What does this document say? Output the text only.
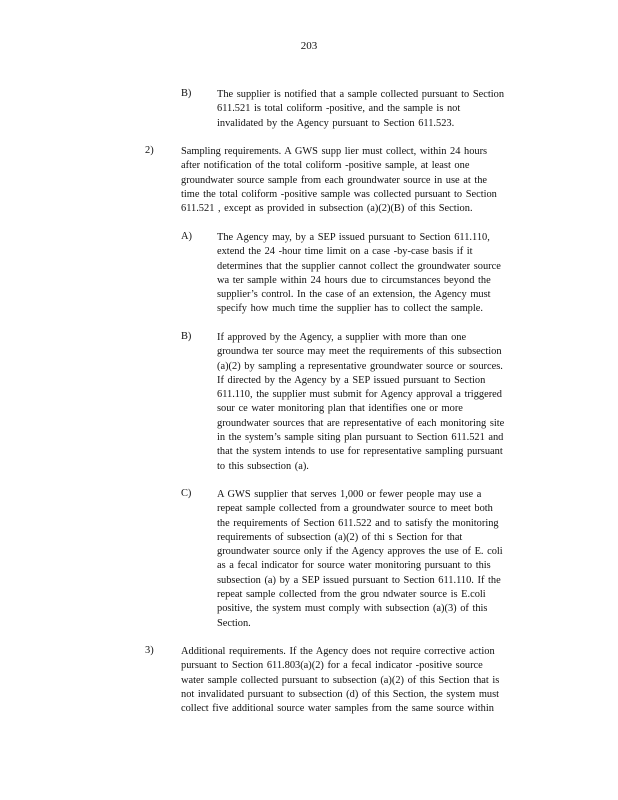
203
B) The supplier is notified that a sample collected pursuant to Section
611.521 is total coliform -positive, and the sample is not
invalidated by the Agency pursuant to Section 611.523.
2)	Sampling requirements. A GWS supp lier must collect, within 24 hours
after notification of the total coliform -positive sample, at least one
groundwater source sample from each groundwater source in use at the
time the total coliform -positive sample was collected pursuant to Section
611.521 , except as provided in subsection (a)(2)(B) of this Section.
A) The Agency may, by a SEP issued pursuant to Section 611.110,
extend the 24 -hour time limit on a case -by-case basis if it
determines that the supplier cannot collect the groundwater source
wa ter sample within 24 hours due to circumstances beyond the
supplier’s control. In the case of an extension, the Agency must
specify how much time the supplier has to collect the sample.
B) If approved by the Agency, a supplier with more than one
groundwa ter source may meet the requirements of this subsection
(a)(2) by sampling a representative groundwater source or sources.
If directed by the Agency by a SEP issued pursuant to Section
611.110, the supplier must submit for Agency approval a triggered
sour ce water monitoring plan that identifies one or more
groundwater sources that are representative of each monitoring site
in the system’s sample siting plan pursuant to Section 611.521 and
that the system intends to use for representative sampling pursuant
to this subsection (a).
C) A GWS supplier that serves 1,000 or fewer people may use a
repeat sample collected from a groundwater source to meet both
the requirements of Section 611.522 and to satisfy the monitoring
requirements of subsection (a)(2) of thi s Section for that
groundwater source only if the Agency approves the use of E. coli
as a fecal indicator for source water monitoring pursuant to this
subsection (a) by a SEP issued pursuant to Section 611.110. If the
repeat sample collected from the grou ndwater source is E.coli
positive, the system must comply with subsection (a)(3) of this
Section.
3)	Additional requirements. If the Agency does not require corrective action
pursuant to Section 611.803(a)(2) for a fecal indicator -positive source
water sample collected pursuant to subsection (a)(2) of this Section that is
not invalidated pursuant to subsection (d) of this Section, the system must
collect five additional source water samples from the same source within
